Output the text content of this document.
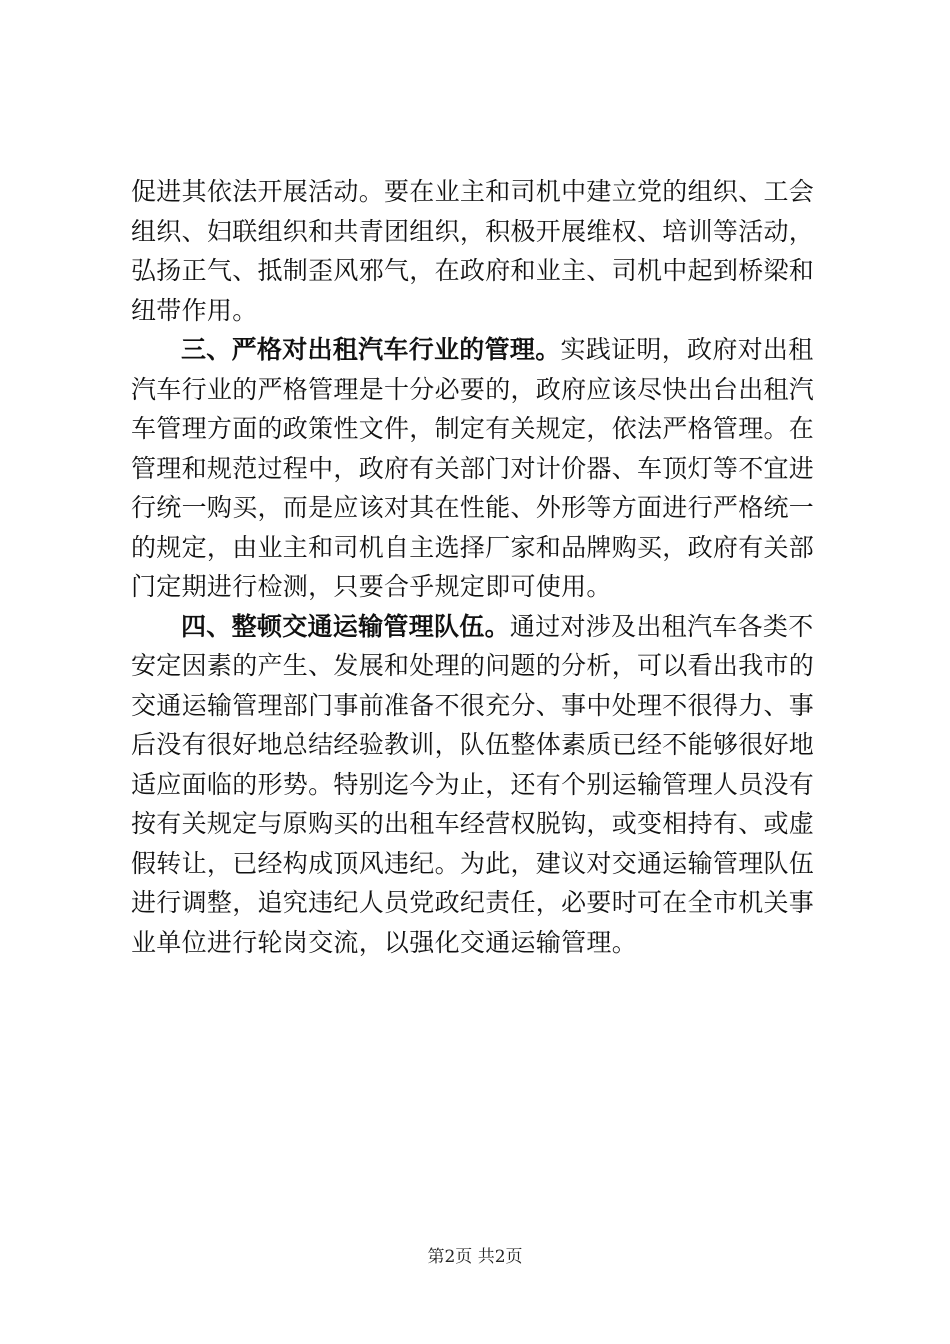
促进其依法开展活动。要在业主和司机中建立党的组织、工会
组织、妇联组织和共青团组织，积极开展维权、培训等活动，
弘扬正气、抵制歪风邪气，在政府和业主、司机中起到桥梁和
纽带作用。
三、严格对出租汽车行业的管理。实践证明，政府对出租
汽车行业的严格管理是十分必要的，政府应该尽快出台出租汽
车管理方面的政策性文件，制定有关规定，依法严格管理。在
管理和规范过程中，政府有关部门对计价器、车顶灯等不宜进
行统一购买，而是应该对其在性能、外形等方面进行严格统一
的规定，由业主和司机自主选择厂家和品牌购买，政府有关部
门定期进行检测，只要合乎规定即可使用。
四、整顿交通运输管理队伍。通过对涉及出租汽车各类不
安定因素的产生、发展和处理的问题的分析，可以看出我市的
交通运输管理部门事前准备不很充分、事中处理不很得力、事
后没有很好地总结经验教训，队伍整体素质已经不能够很好地
适应面临的形势。特别迄今为止，还有个别运输管理人员没有
按有关规定与原购买的出租车经营权脱钩，或变相持有、或虚
假转让，已经构成顶风违纪。为此，建议对交通运输管理队伍
进行调整，追究违纪人员党政纪责任，必要时可在全市机关事
业单位进行轮岗交流，以强化交通运输管理。
第2页 共2页
